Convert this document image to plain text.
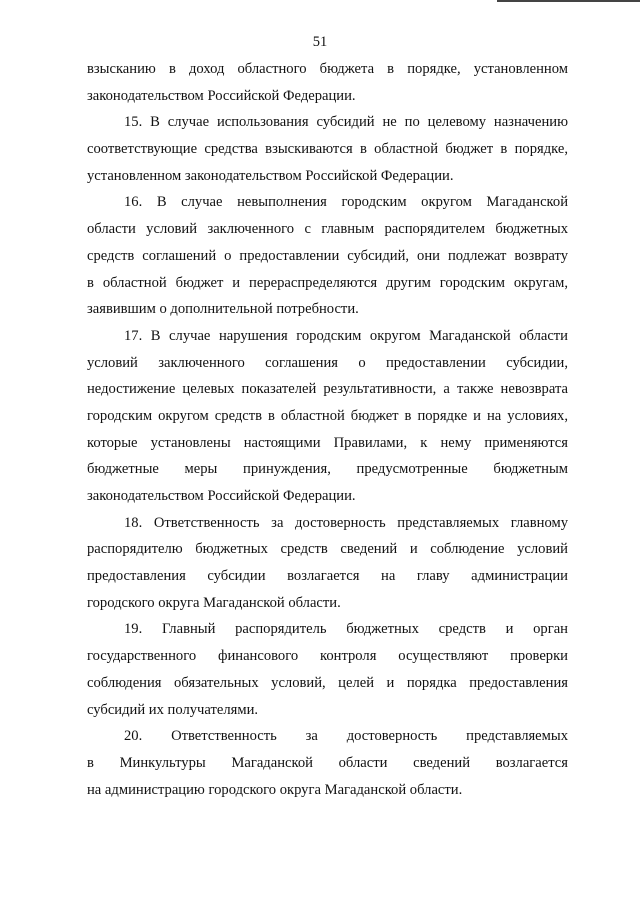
51
взысканию в доход областного бюджета в порядке, установленном
законодательством Российской Федерации.
15. В случае использования субсидий не по целевому назначению
соответствующие средства взыскиваются в областной бюджет в порядке,
установленном законодательством Российской Федерации.
16. В случае невыполнения городским округом Магаданской
области условий заключенного с главным распорядителем бюджетных
средств соглашений о предоставлении субсидий, они подлежат возврату
в областной бюджет и перераспределяются другим городским округам,
заявившим о дополнительной потребности.
17. В случае нарушения городским округом Магаданской области
условий заключенного соглашения о предоставлении субсидии,
недостижение целевых показателей результативности, а также невозврата
городским округом средств в областной бюджет в порядке и на условиях,
которые установлены настоящими Правилами, к нему применяются
бюджетные меры принуждения, предусмотренные бюджетным
законодательством Российской Федерации.
18. Ответственность за достоверность представляемых главному
распорядителю бюджетных средств сведений и соблюдение условий
предоставления субсидии возлагается на главу администрации
городского округа Магаданской области.
19. Главный распорядитель бюджетных средств и орган
государственного финансового контроля осуществляют проверки
соблюдения обязательных условий, целей и порядка предоставления
субсидий их получателями.
20. Ответственность за достоверность представляемых
в Минкультуры Магаданской области сведений возлагается
на администрацию городского округа Магаданской области.
